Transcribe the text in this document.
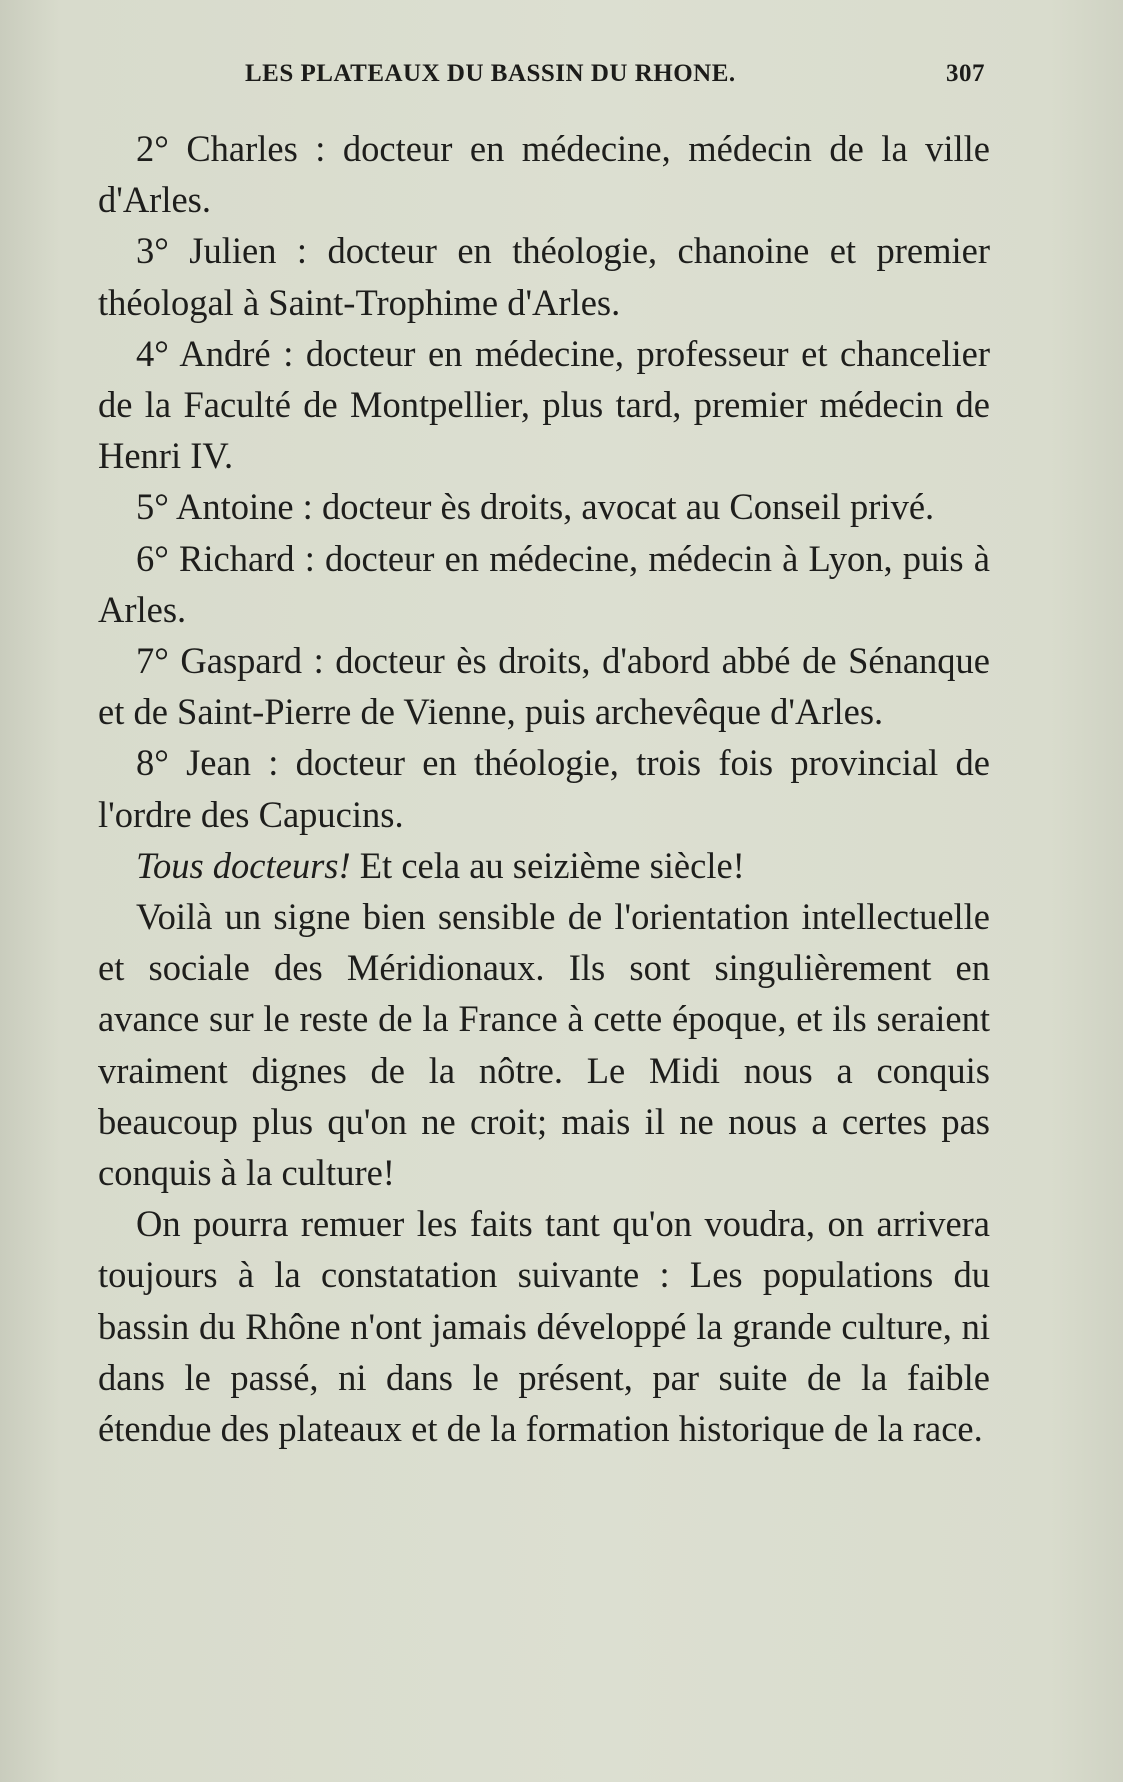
LES PLATEAUX DU BASSIN DU RHONE.	307

2° Charles : docteur en médecine, médecin de la ville d'Arles.

3° Julien : docteur en théologie, chanoine et premier théologal à Saint-Trophime d'Arles.

4° André : docteur en médecine, professeur et chancelier de la Faculté de Montpellier, plus tard, premier médecin de Henri IV.

5° Antoine : docteur ès droits, avocat au Conseil privé.

6° Richard : docteur en médecine, médecin à Lyon, puis à Arles.

7° Gaspard : docteur ès droits, d'abord abbé de Sénanque et de Saint-Pierre de Vienne, puis archevêque d'Arles.

8° Jean : docteur en théologie, trois fois provincial de l'ordre des Capucins.

Tous docteurs! Et cela au seizième siècle!

Voilà un signe bien sensible de l'orientation intellectuelle et sociale des Méridionaux. Ils sont singulièrement en avance sur le reste de la France à cette époque, et ils seraient vraiment dignes de la nôtre. Le Midi nous a conquis beaucoup plus qu'on ne croit; mais il ne nous a certes pas conquis à la culture!

On pourra remuer les faits tant qu'on voudra, on arrivera toujours à la constatation suivante : Les populations du bassin du Rhône n'ont jamais développé la grande culture, ni dans le passé, ni dans le présent, par suite de la faible étendue des plateaux et de la formation historique de la race.
